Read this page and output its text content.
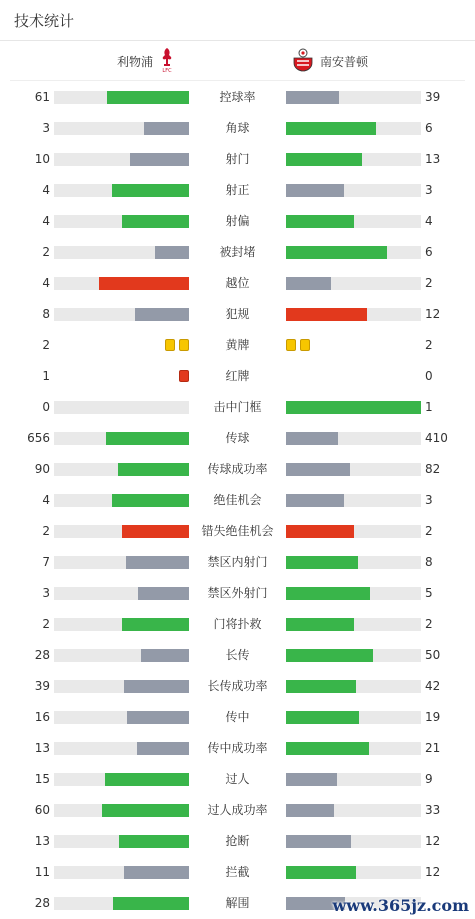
技术统计
利物浦
LFC
南安普顿
61	控球率	39
3	角球	6
10	射门	13
4	射正	3
4	射偏	4
2	被封堵	6
4	越位	2
8	犯规	12
2	黄牌	2
1	红牌	0
0	击中门框	1
656	传球	410
90	传球成功率	82
4	绝佳机会	3
2	错失绝佳机会	2
7	禁区内射门	8
3	禁区外射门	5
2	门将扑救	2
28	长传	50
39	长传成功率	42
16	传中	19
13	传中成功率	21
15	过人	9
60	过人成功率	33
13	抢断	12
11	拦截	12
28	解围	www.365jz.com
